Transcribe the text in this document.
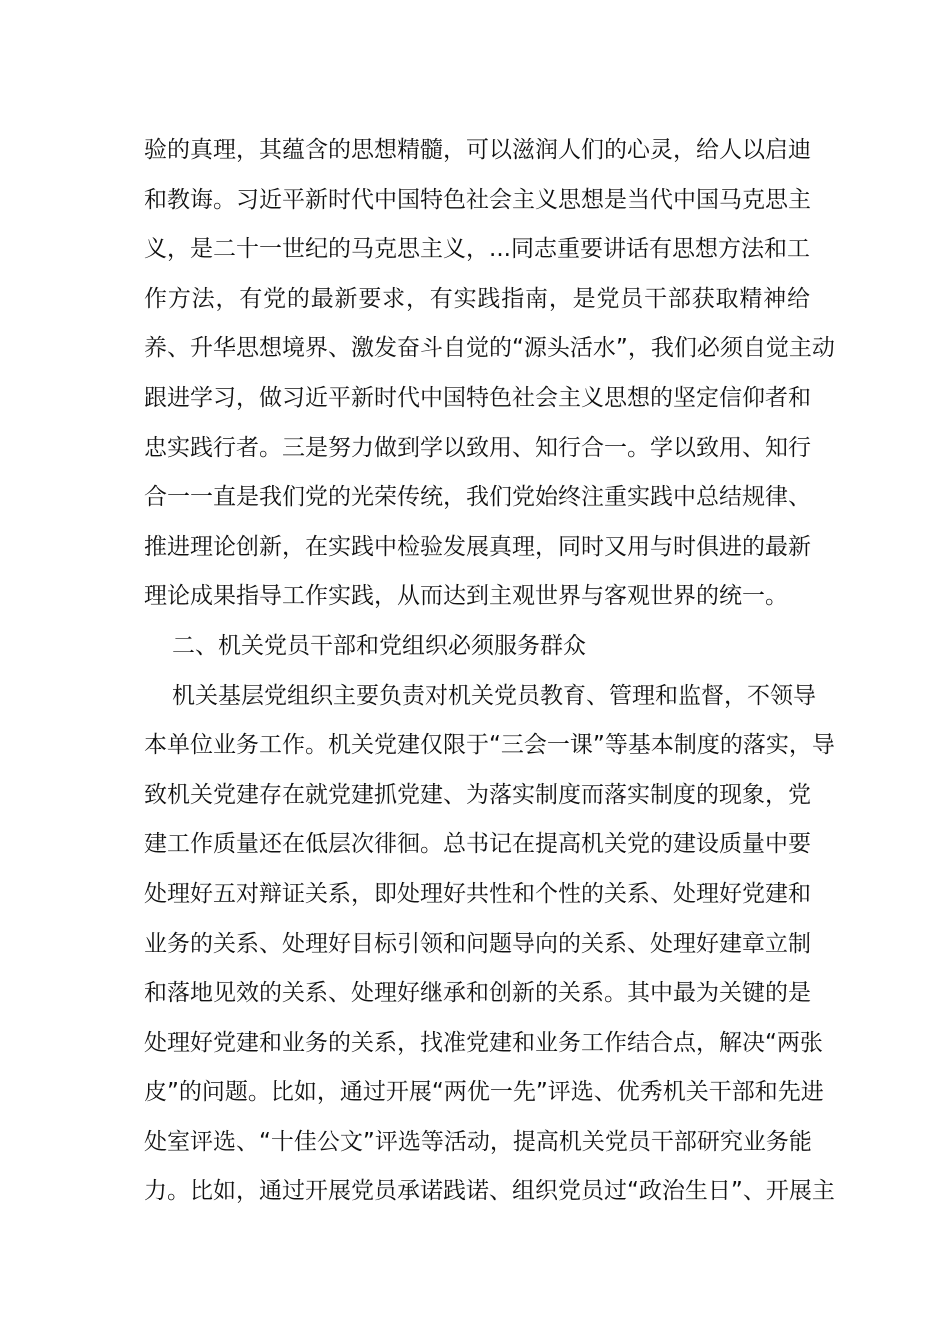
验的真理，其蕴含的思想精髓，可以滋润人们的心灵，给人以启迪
和教诲。习近平新时代中国特色社会主义思想是当代中国马克思主
义，是二十一世纪的马克思主义，...同志重要讲话有思想方法和工
作方法，有党的最新要求，有实践指南，是党员干部获取精神给
养、升华思想境界、激发奋斗自觉的“源头活水”，我们必须自觉主动
跟进学习，做习近平新时代中国特色社会主义思想的坚定信仰者和
忠实践行者。三是努力做到学以致用、知行合一。学以致用、知行
合一一直是我们党的光荣传统，我们党始终注重实践中总结规律、
推进理论创新，在实践中检验发展真理，同时又用与时俱进的最新
理论成果指导工作实践，从而达到主观世界与客观世界的统一。
二、机关党员干部和党组织必须服务群众
机关基层党组织主要负责对机关党员教育、管理和监督，不领导
本单位业务工作。机关党建仅限于“三会一课”等基本制度的落实，导
致机关党建存在就党建抓党建、为落实制度而落实制度的现象，党
建工作质量还在低层次徘徊。总书记在提高机关党的建设质量中要
处理好五对辩证关系，即处理好共性和个性的关系、处理好党建和
业务的关系、处理好目标引领和问题导向的关系、处理好建章立制
和落地见效的关系、处理好继承和创新的关系。其中最为关键的是
处理好党建和业务的关系，找准党建和业务工作结合点，解决“两张
皮”的问题。比如，通过开展“两优一先”评选、优秀机关干部和先进
处室评选、“十佳公文”评选等活动，提高机关党员干部研究业务能
力。比如，通过开展党员承诺践诺、组织党员过“政治生日”、开展主
